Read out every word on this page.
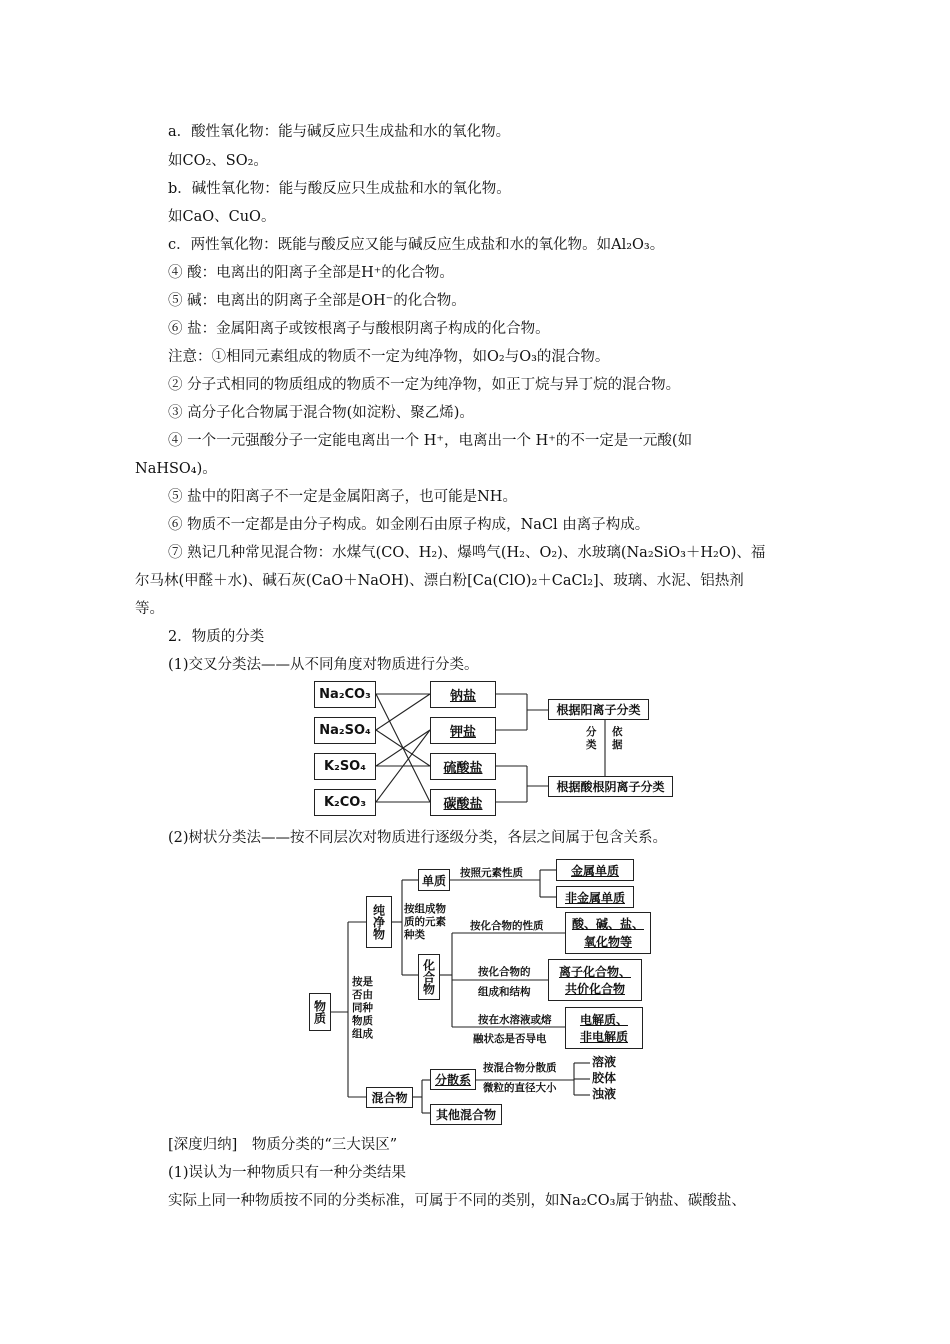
a．酸性氧化物：能与碱反应只生成盐和水的氧化物。
如CO₂、SO₂。
b．碱性氧化物：能与酸反应只生成盐和水的氧化物。
如CaO、CuO。
c．两性氧化物：既能与酸反应又能与碱反应生成盐和水的氧化物。如Al₂O₃。
④ 酸：电离出的阳离子全部是H⁺的化合物。
⑤ 碱：电离出的阴离子全部是OH⁻的化合物。
⑥ 盐：金属阳离子或铵根离子与酸根阴离子构成的化合物。
注意：①相同元素组成的物质不一定为纯净物，如O₂与O₃的混合物。
② 分子式相同的物质组成的物质不一定为纯净物，如正丁烷与异丁烷的混合物。
③ 高分子化合物属于混合物(如淀粉、聚乙烯)。
④ 一个一元强酸分子一定能电离出一个 H⁺，电离出一个 H⁺的不一定是一元酸(如
NaHSO₄)。
⑤ 盐中的阳离子不一定是金属阳离子，也可能是NH。
⑥ 物质不一定都是由分子构成。如金刚石由原子构成，NaCl 由离子构成。
⑦ 熟记几种常见混合物：水煤气(CO、H₂)、爆鸣气(H₂、O₂)、水玻璃(Na₂SiO₃＋H₂O)、福
尔马林(甲醛＋水)、碱石灰(CaO＋NaOH)、漂白粉[Ca(ClO)₂＋CaCl₂]、玻璃、水泥、铝热剂
等。
2．物质的分类
(1)交叉分类法——从不同角度对物质进行分类。
(2)树状分类法——按不同层次对物质进行逐级分类，各层之间属于包含关系。
[深度归纳]　物质分类的“三大误区”
(1)误认为一种物质只有一种分类结果
实际上同一种物质按不同的分类标准，可属于不同的类别，如Na₂CO₃属于钠盐、碳酸盐、
Na₂CO₃
Na₂SO₄
K₂SO₄
K₂CO₃
钠盐
钾盐
硫酸盐
碳酸盐
根据阳离子分类
根据酸根阴离子分类
分类
依据
物质
按是否由同种物质组成
纯净物
混合物
按组成物质的元素种类
单质
按照元素性质	金属单质
非金属单质
化合物
按化合物的性质	酸、碱、盐、氧化物等
按化合物的
组成和结构
离子化合物、
共价化合物
按在水溶液或熔
融状态是否导电
电解质、
非电解质
分散系
按混合物分散质
微粒的直径大小
溶液
胶体
浊液
其他混合物
